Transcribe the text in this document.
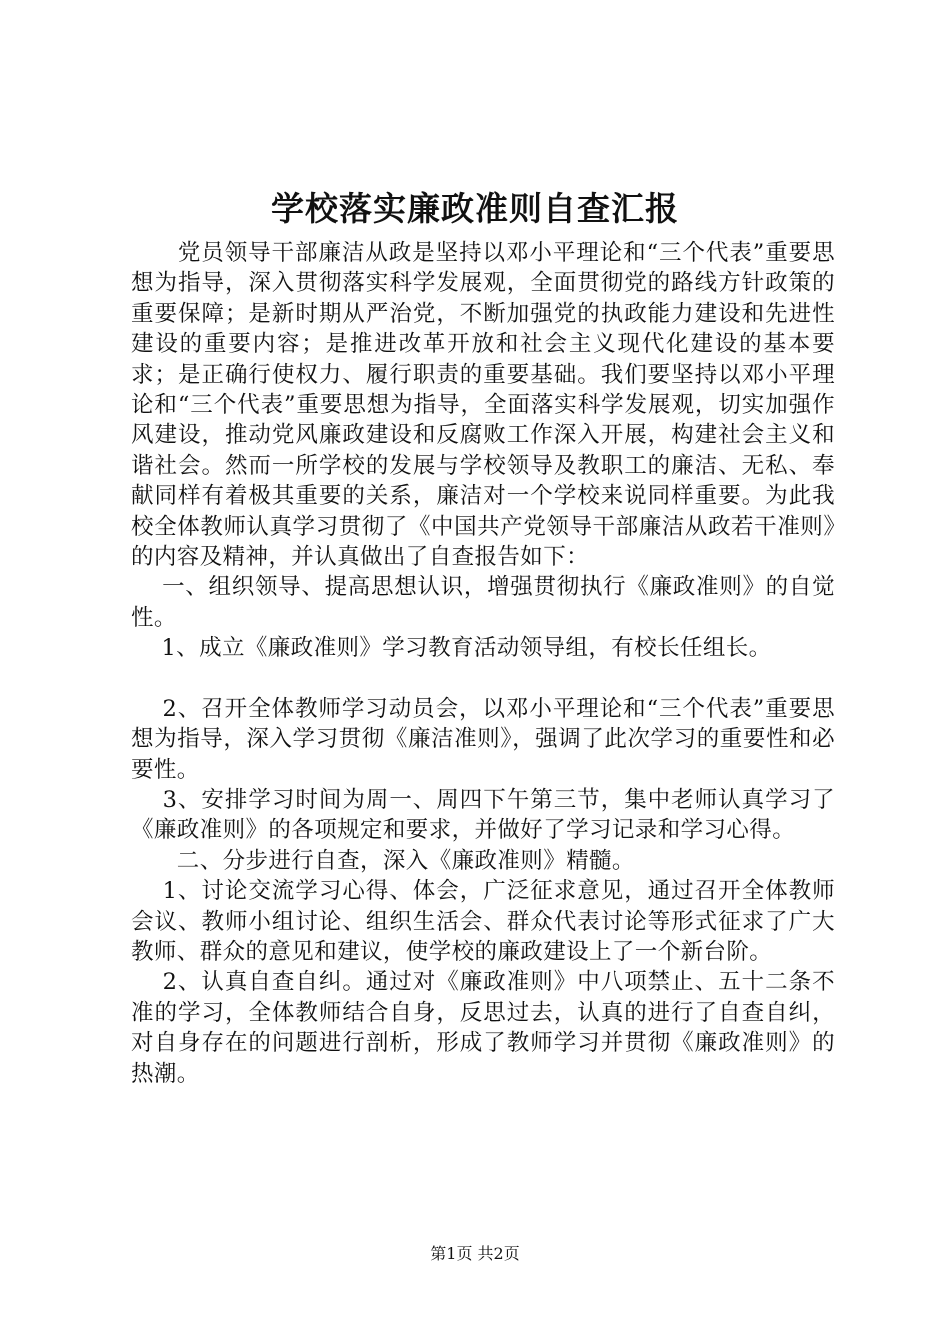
学校落实廉政准则自查汇报

　　党员领导干部廉洁从政是坚持以邓小平理论和“三个代表”重要思想为指导，深入贯彻落实科学发展观，全面贯彻党的路线方针政策的重要保障；是新时期从严治党，不断加强党的执政能力建设和先进性建设的重要内容；是推进改革开放和社会主义现代化建设的基本要求；是正确行使权力、履行职责的重要基础。我们要坚持以邓小平理论和“三个代表”重要思想为指导，全面落实科学发展观，切实加强作风建设，推动党风廉政建设和反腐败工作深入开展，构建社会主义和谐社会。然而一所学校的发展与学校领导及教职工的廉洁、无私、奉献同样有着极其重要的关系，廉洁对一个学校来说同样重要。为此我校全体教师认真学习贯彻了《中国共产党领导干部廉洁从政若干准则》的内容及精神，并认真做出了自查报告如下：

　 一、组织领导、提高思想认识，增强贯彻执行《廉政准则》的自觉性。

　 1、成立《廉政准则》学习教育活动领导组，有校长任组长。

　 2、召开全体教师学习动员会，以邓小平理论和“三个代表”重要思想为指导，深入学习贯彻《廉洁准则》，强调了此次学习的重要性和必要性。

　 3、安排学习时间为周一、周四下午第三节，集中老师认真学习了《廉政准则》的各项规定和要求，并做好了学习记录和学习心得。

　　二、分步进行自查，深入《廉政准则》精髓。

　 1、讨论交流学习心得、体会，广泛征求意见，通过召开全体教师会议、教师小组讨论、组织生活会、群众代表讨论等形式征求了广大教师、群众的意见和建议，使学校的廉政建设上了一个新台阶。

　 2、认真自查自纠。通过对《廉政准则》中八项禁止、五十二条不准的学习，全体教师结合自身，反思过去，认真的进行了自查自纠，对自身存在的问题进行剖析，形成了教师学习并贯彻《廉政准则》的热潮。

第1页 共2页
